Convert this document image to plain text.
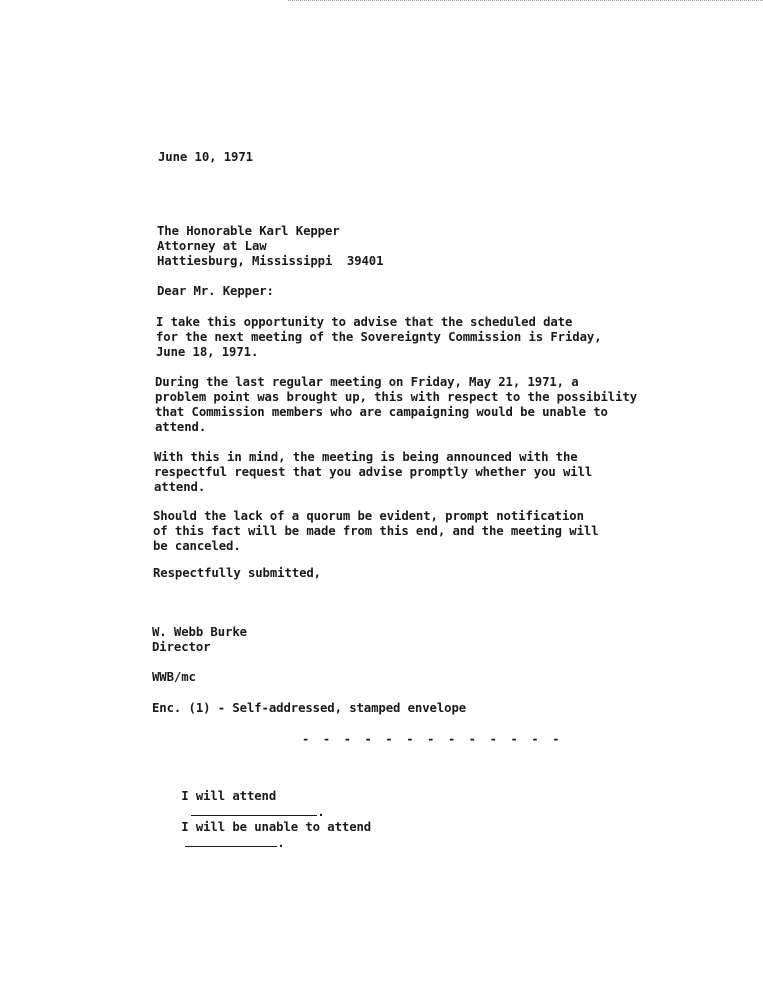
June 10, 1971
The Honorable Karl Kepper
Attorney at Law
Hattiesburg, Mississippi  39401
Dear Mr. Kepper:
I take this opportunity to advise that the scheduled date
for the next meeting of the Sovereignty Commission is Friday,
June 18, 1971.
During the last regular meeting on Friday, May 21, 1971, a
problem point was brought up, this with respect to the possibility
that Commission members who are campaigning would be unable to
attend.
With this in mind, the meeting is being announced with the
respectful request that you advise promptly whether you will
attend.
Should the lack of a quorum be evident, prompt notification
of this fact will be made from this end, and the meeting will
be canceled.
Respectfully submitted,
W. Webb Burke
Director
WWB/mc
Enc. (1) - Self-addressed, stamped envelope
- - - - - - - - - - - - -

I will attend
.

I will be unable to attend
.
